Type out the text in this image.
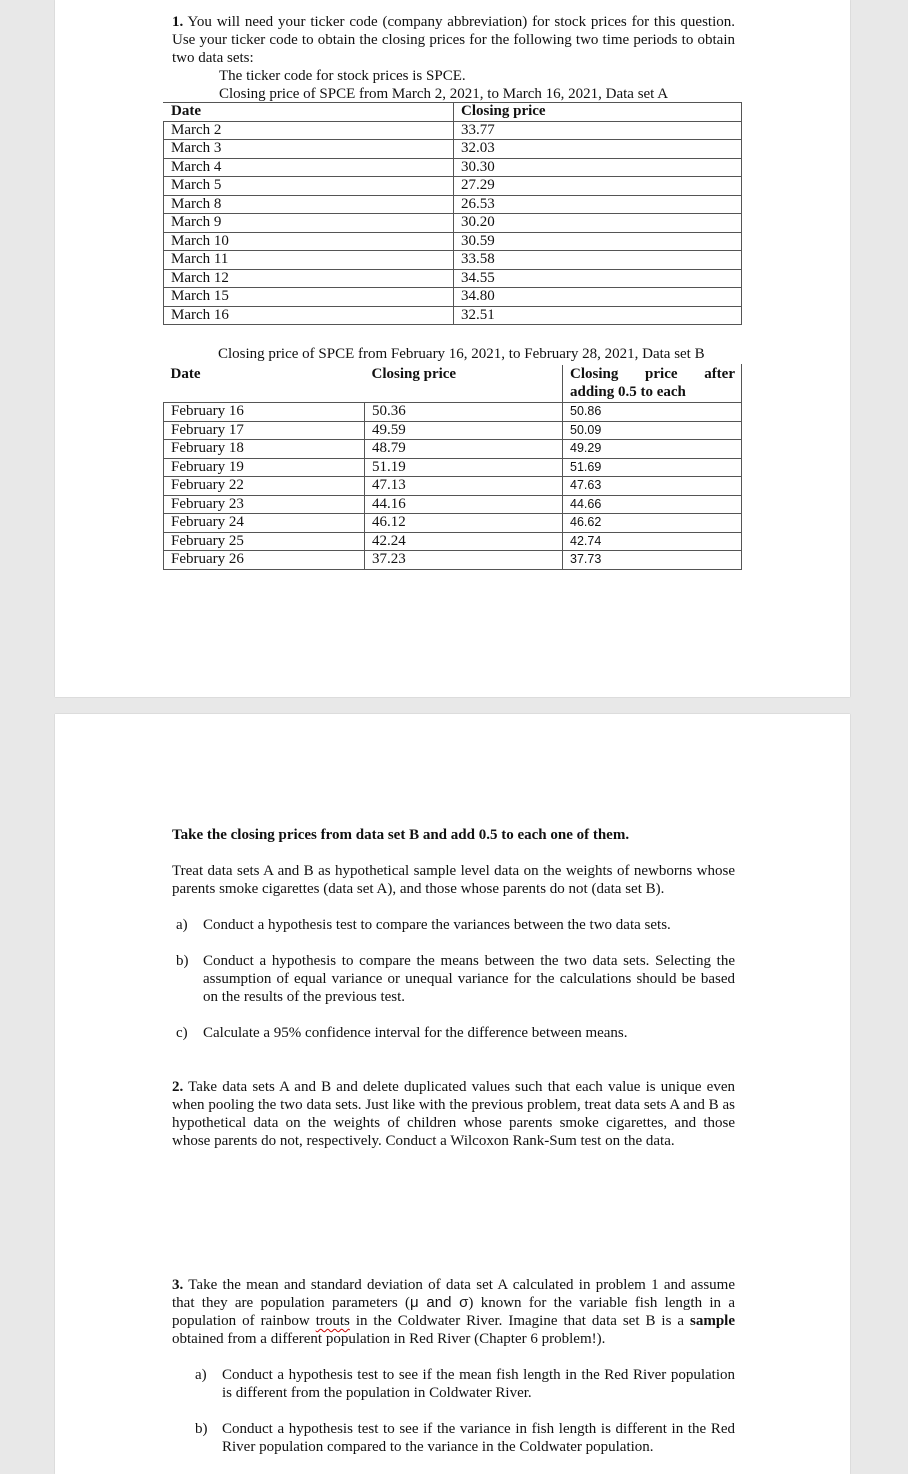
1. You will need your ticker code (company abbreviation) for stock prices for this question. Use your ticker code to obtain the closing prices for the following two time periods to obtain two data sets:

The ticker code for stock prices is SPCE.

Closing price of SPCE from March 2, 2021, to March 16, 2021, Data set A

Date	Closing price
March 2	33.77
March 3	32.03
March 4	30.30
March 5	27.29
March 8	26.53
March 9	30.20
March 10	30.59
March 11	33.58
March 12	34.55
March 15	34.80
March 16	32.51
Closing price of SPCE from February 16, 2021, to February 28, 2021, Data set B
Date	Closing price	Closing price after
adding 0.5 to each

February 16	50.36	50.86
February 17	49.59	50.09
February 18	48.79	49.29
February 19	51.19	51.69
February 22	47.13	47.63
February 23	44.16	44.66
February 24	46.12	46.62
February 25	42.24	42.74
February 26	37.23	37.73

Take the closing prices from data set B and add 0.5 to each one of them.

Treat data sets A and B as hypothetical sample level data on the weights of newborns whose parents smoke cigarettes (data set A), and those whose parents do not (data set B).

a)	Conduct a hypothesis test to compare the variances between the two data sets.
b) Conduct a hypothesis to compare the means between the two data sets. Selecting the assumption of equal variance or unequal variance for the calculations should be based on the results of the previous test.
c)	Calculate a 95% confidence interval for the difference between means.

2. Take data sets A and B and delete duplicated values such that each value is unique even when pooling the two data sets. Just like with the previous problem, treat data sets A and B as hypothetical data on the weights of children whose parents smoke cigarettes, and those whose parents do not, respectively. Conduct a Wilcoxon Rank-Sum test on the data.

3. Take the mean and standard deviation of data set A calculated in problem 1 and assume that they are population parameters (μ and σ) known for the variable fish length in a population of rainbow trouts in the Coldwater River. Imagine that data set B is a sample obtained from a different population in Red River (Chapter 6 problem!).

a)	Conduct a hypothesis test to see if the mean fish length in the Red River population is different from the population in Coldwater River.
b) Conduct a hypothesis test to see if the variance in fish length is different in the Red River population compared to the variance in the Coldwater population.
